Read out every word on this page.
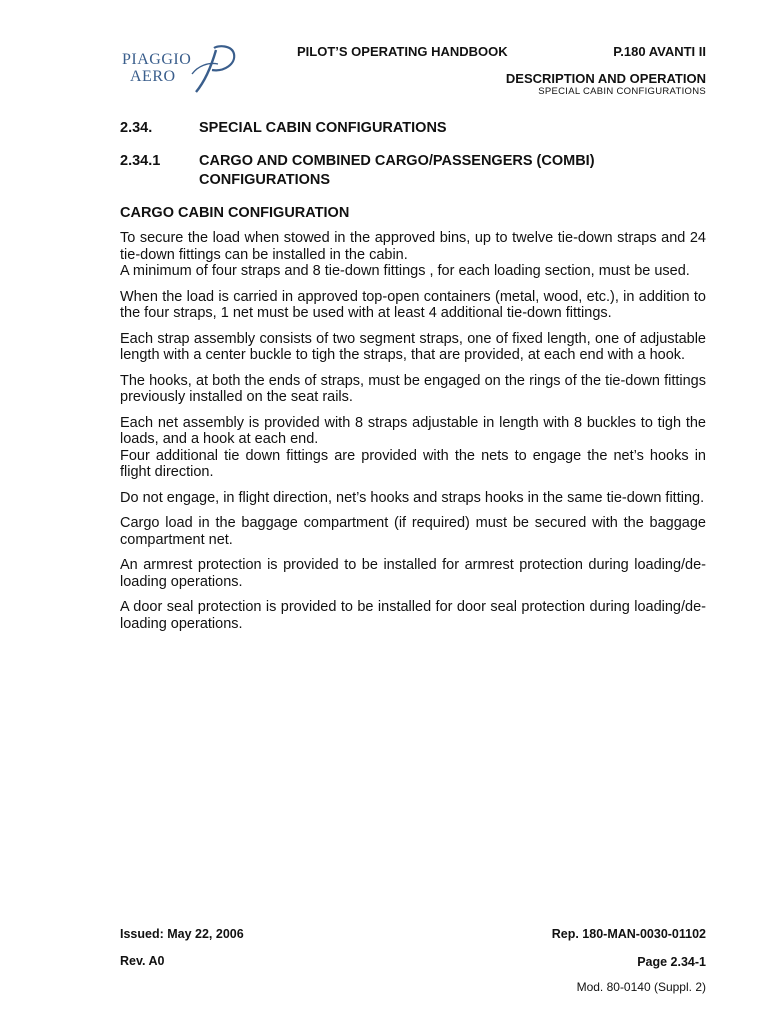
PIAGGIO
AERO
PILOT’S OPERATING HANDBOOK	P.180 AVANTI II
DESCRIPTION AND OPERATION
SPECIAL CABIN CONFIGURATIONS
2.34.	SPECIAL CABIN CONFIGURATIONS
2.34.1	CARGO AND COMBINED CARGO/PASSENGERS (COMBI)
CONFIGURATIONS
CARGO CABIN CONFIGURATION
To secure the load when stowed in the approved bins, up to twelve tie-down straps and 24 tie-down fittings can be installed in the cabin.
A minimum of four straps and 8 tie-down fittings , for each loading section, must be used.
When the load is carried in approved top-open containers (metal, wood, etc.), in addition to the four straps, 1 net must be used with at least 4 additional tie-down fittings.
Each strap assembly consists of two segment straps, one of fixed length, one of adjustable length with a center buckle to tigh the straps, that are provided, at each end with a hook.
The hooks, at both the ends of straps, must be engaged on the rings of the tie-down fittings previously installed on the seat rails.
Each net assembly is provided with 8 straps adjustable in length with 8 buckles to tigh the loads, and a hook at each end.
Four additional tie down fittings are provided with the nets to engage the net’s hooks in flight direction.
Do not engage, in flight direction, net’s hooks and straps hooks in the same tie-down fitting.
Cargo load in the baggage compartment (if required) must be secured with the baggage compartment net.
An armrest protection is provided to be installed for armrest protection during loading/de-loading operations.
A door seal protection is provided to be installed for door seal protection during loading/de-loading operations.
Issued: May 22, 2006
Rev. A0
Rep. 180-MAN-0030-01102
Page 2.34-1
Mod. 80-0140 (Suppl. 2)
